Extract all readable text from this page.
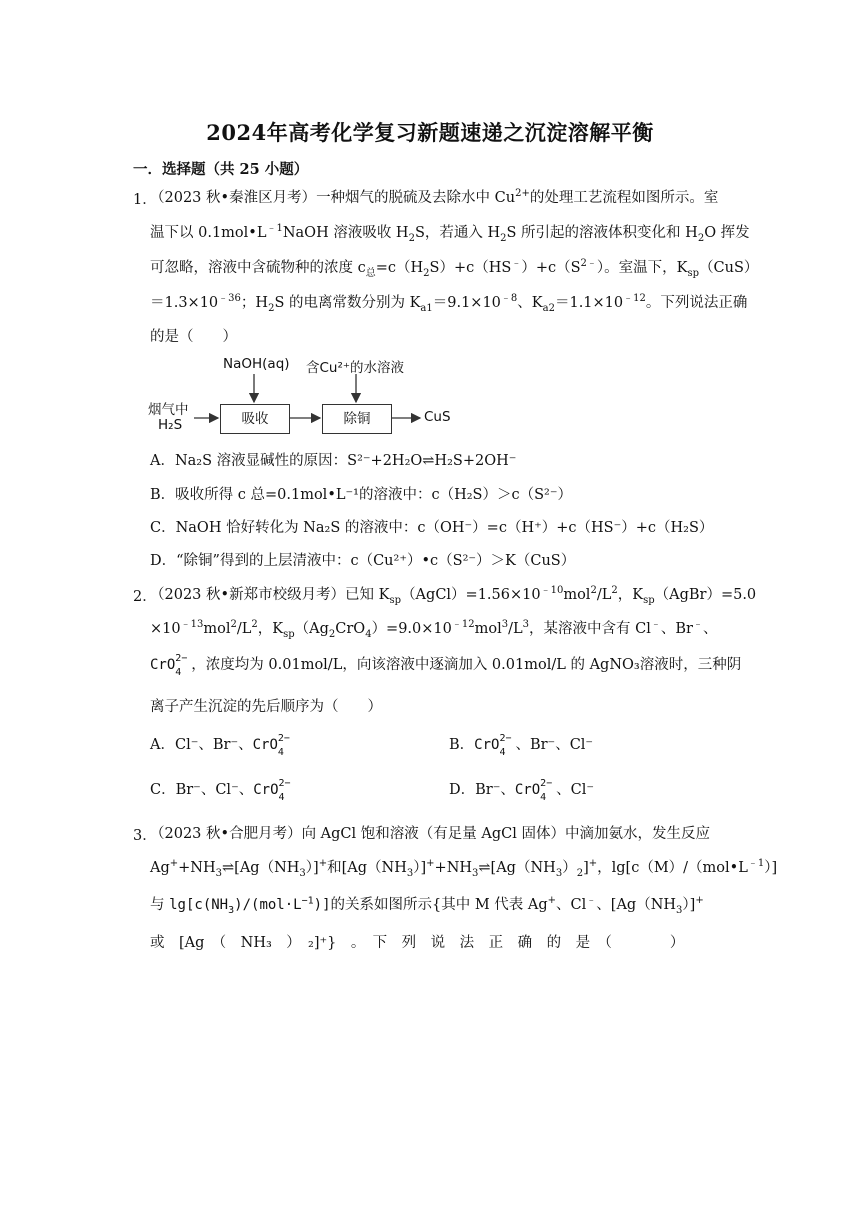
2024年高考化学复习新题速递之沉淀溶解平衡
一．选择题（共 25 小题）
1．
（2023 秋•秦淮区月考）一种烟气的脱硫及去除水中 $Cu^{2+}$的处理工艺流程如图所示。室
温下以 $0.1mol•L^{﹣1}NaOH$ 溶液吸收 $H_2S$，若通入 $H_2S$ 所引起的溶液体积变化和 $H_2O$ 挥发
可忽略，溶液中含硫物种的浓度 $c_总=c(H_2S)+c(HS^﹣)+c(S^{2﹣})$。室温下，$K_{sp}(CuS)$
$=1.3\times 10^{﹣36}$；$H_2S$ 的电离常数分别为 $K_{a1}=9.1\times 10^{﹣8}$、$K_{a2}=1.1\times 10^{﹣12}$。下列说法正确
的是（　　）
NaOH(aq) 含Cu²⁺的水溶液
烟气中
H₂S	吸收	除铜	CuS
A．Na₂S 溶液显碱性的原因：S²⁻+2H₂O⇌H₂S+2OH⁻
B．吸收所得 c 总=0.1mol•L⁻¹的溶液中：c（H₂S）＞c（S²⁻）
C．NaOH 恰好转化为 Na₂S 的溶液中：c（OH⁻）=c（H⁺）+c（HS⁻）+c（H₂S）
D．“除铜”得到的上层清液中：c（Cu²⁺）•c（S²⁻）＞K（CuS）
2．
（2023 秋•新郑市校级月考）已知 $K_{sp}(AgCl)=1.56\times 10^{﹣10}mol^2/L^2$，$K_{sp}(AgBr)=5.0$
$\times 10^{﹣13}mol^2/L^2$，$K_{sp}(Ag_2CrO_4)=9.0\times 10^{﹣12}mol^3/L^3$，某溶液中含有 Cl﹣、Br﹣、
CrO 2−
4 ，浓度均为 0.01mol/L，向该溶液中逐滴加入 0.01mol/L 的 AgNO₃溶液时，三种阴
离子产生沉淀的先后顺序为（　　）
A．Cl⁻、Br⁻、CrO 2−
4	B．CrO 2−
4 、Br⁻、Cl⁻
C．Br⁻、Cl⁻、CrO 2−
4	D．Br⁻、CrO 2−
4 、Cl⁻
3．
（2023 秋•合肥月考）向 AgCl 饱和溶液（有足量 AgCl 固体）中滴加氨水，发生反应
$Ag^++NH_3\rightleftharpoons[Ag(NH_3)]^+$和$[Ag(NH_3)]^++NH_3\rightleftharpoons[Ag(NH_3)_2]^+$，$\lg[c(M)/(mol•L^{﹣1})]$
与 $\lg[c(NH_3)/(mol\cdot L^{-1})]$的关系如图所示{其中 M 代表 Ag+、Cl﹣、$[Ag(NH_3)]^+$
或　[Ag　（　NH₃　）　₂]⁺}　。　下　列　说　法　正　确　的　是　（　　　　）
